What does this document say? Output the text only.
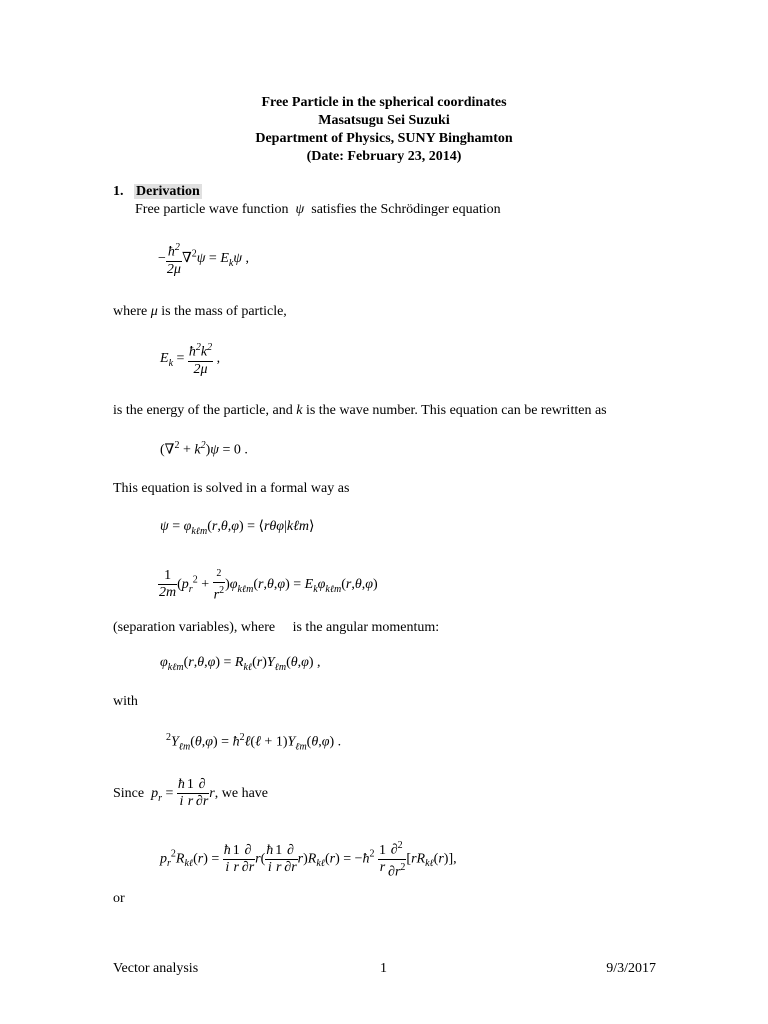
Free Particle in the spherical coordinates
Masatsugu Sei Suzuki
Department of Physics, SUNY Binghamton
(Date: February 23, 2014)
1. Derivation
Free particle wave function  ψ  satisfies the Schrödinger equation
− $\frac{ħ^2}{2\mu} \nabla^2\psi = E_k\psi$ ,
where μ is the mass of particle,
$E_k = \frac{ħ^2k^2}{2\mu}$ ,
is the energy of the particle, and k is the wave number. This equation can be rewritten as
$(\nabla^2 + k^2)\psi = 0$ .
This equation is solved in a formal way as
$\psi = \varphi_{k\ell m}(r,\theta,\varphi)$ = ⟨rθφ|kℓm⟩
$\frac{1}{2m} (p_r^2 + \frac{2}{r^2} )\varphi_{k\ell m}(r,\theta,\varphi) = E_k\varphi_{k\ell m}(r,\theta,\varphi)$
(separation variables), where is the angular momentum:
$\varphi_{k\ell m}(r,\theta,\varphi) = R_{k\ell}(r)Y_{\ell m}(\theta,\varphi)$ ,
with
$^2Y_{\ell m}(\theta,\varphi)$ = $ħ^2\ell(\ell + 1)Y_{\ell m}(\theta,\varphi)$ .
Since  $p_r = \frac{ħ}{i} \frac{1}{r} \frac{\partial}{\partial r} r$, we have
$p_r^2R_{k\ell}(r) = \frac{ħ}{i} \frac{1}{r} \frac{\partial}{\partial r} r( \frac{ħ}{i} \frac{1}{r} \frac{\partial}{\partial r} r)R_{k\ell}(r)$ = $-ħ^2 \frac{1}{r} \frac{\partial^2}{\partial r^2} [rR_{k\ell}(r)]$,
or
Vector analysis	1	9/3/2017
